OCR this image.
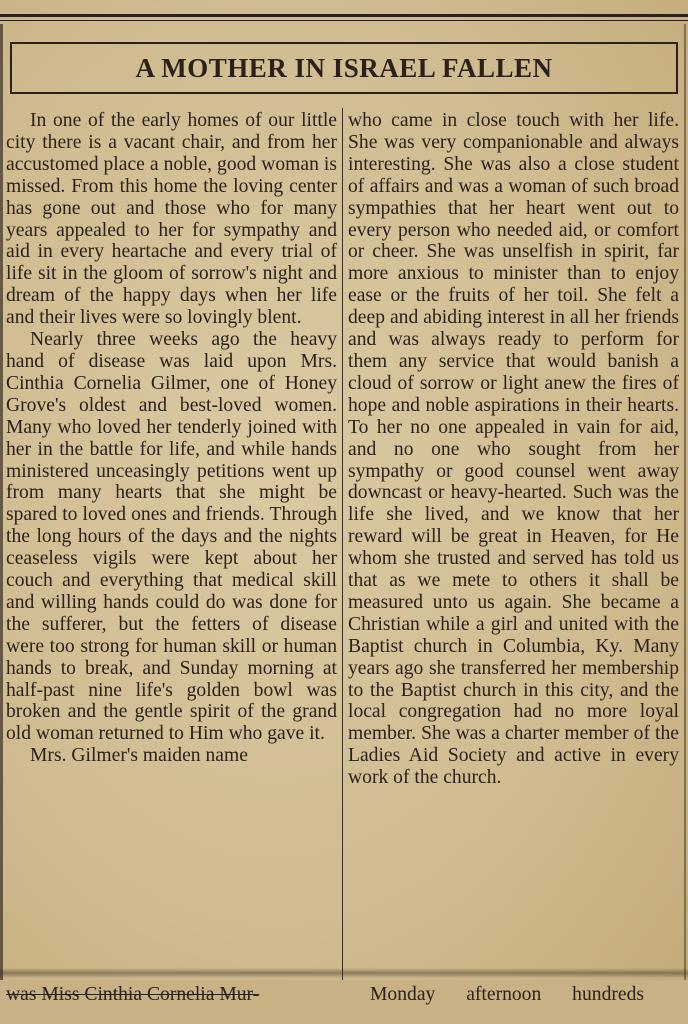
A MOTHER IN ISRAEL FALLEN

In one of the early homes of our little city there is a vacant chair, and from her accustomed place a noble, good woman is missed. From this home the loving center has gone out and those who for many years appealed to her for sympathy and aid in every heartache and every trial of life sit in the gloom of sorrow's night and dream of the happy days when her life and their lives were so lovingly blent.

Nearly three weeks ago the heavy hand of disease was laid upon Mrs. Cinthia Cornelia Gilmer, one of Honey Grove's oldest and best-loved women. Many who loved her tenderly joined with her in the battle for life, and while hands ministered unceasingly petitions went up from many hearts that she might be spared to loved ones and friends. Through the long hours of the days and the nights ceaseless vigils were kept about her couch and everything that medical skill and willing hands could do was done for the sufferer, but the fetters of disease were too strong for human skill or human hands to break, and Sunday morning at half-past nine life's golden bowl was broken and the gentle spirit of the grand old woman returned to Him who gave it.

Mrs. Gilmer's maiden name

who came in close touch with her life. She was very companionable and always interesting. She was also a close student of affairs and was a woman of such broad sympathies that her heart went out to every person who needed aid, or comfort or cheer. She was unselfish in spirit, far more anxious to minister than to enjoy ease or the fruits of her toil. She felt a deep and abiding interest in all her friends and was always ready to perform for them any service that would banish a cloud of sorrow or light anew the fires of hope and noble aspirations in their hearts. To her no one appealed in vain for aid, and no one who sought from her sympathy or good counsel went away downcast or heavy-hearted. Such was the life she lived, and we know that her reward will be great in Heaven, for He whom she trusted and served has told us that as we mete to others it shall be measured unto us again. She became a Christian while a girl and united with the Baptist church in Columbia, Ky. Many years ago she transferred her membership to the Baptist church in this city, and the local congregation had no more loyal member. She was a charter member of the Ladies Aid Society and active in every work of the church.

was Miss Cinthia Cornelia Mur-	Monday afternoon hundreds
